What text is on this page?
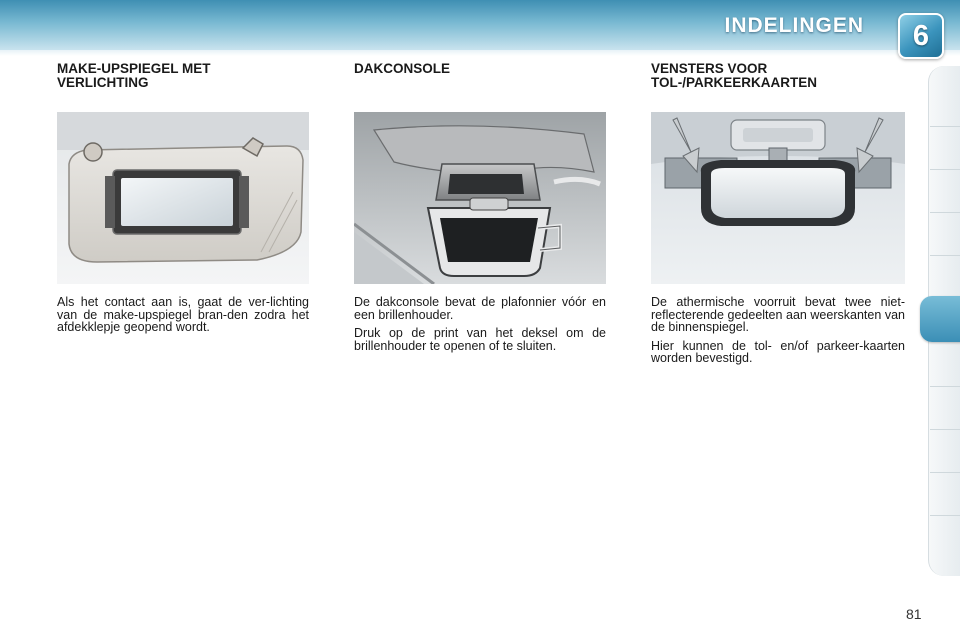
INDELINGEN	6
MAKE-UPSPIEGEL MET
VERLICHTING

Als het contact aan is, gaat de ver-lichting van de make-upspiegel bran-den zodra het afdekklepje geopend wordt.

DAKCONSOLE

De dakconsole bevat de plafonnier vóór en een brillenhouder.

Druk op de print van het deksel om de brillenhouder te openen of te sluiten.

VENSTERS VOOR
TOL-/PARKEERKAARTEN

De athermische voorruit bevat twee niet-reflecterende gedeelten aan weerskanten van de binnenspiegel.

Hier kunnen de tol- en/of parkeer-kaarten worden bevestigd.

81
